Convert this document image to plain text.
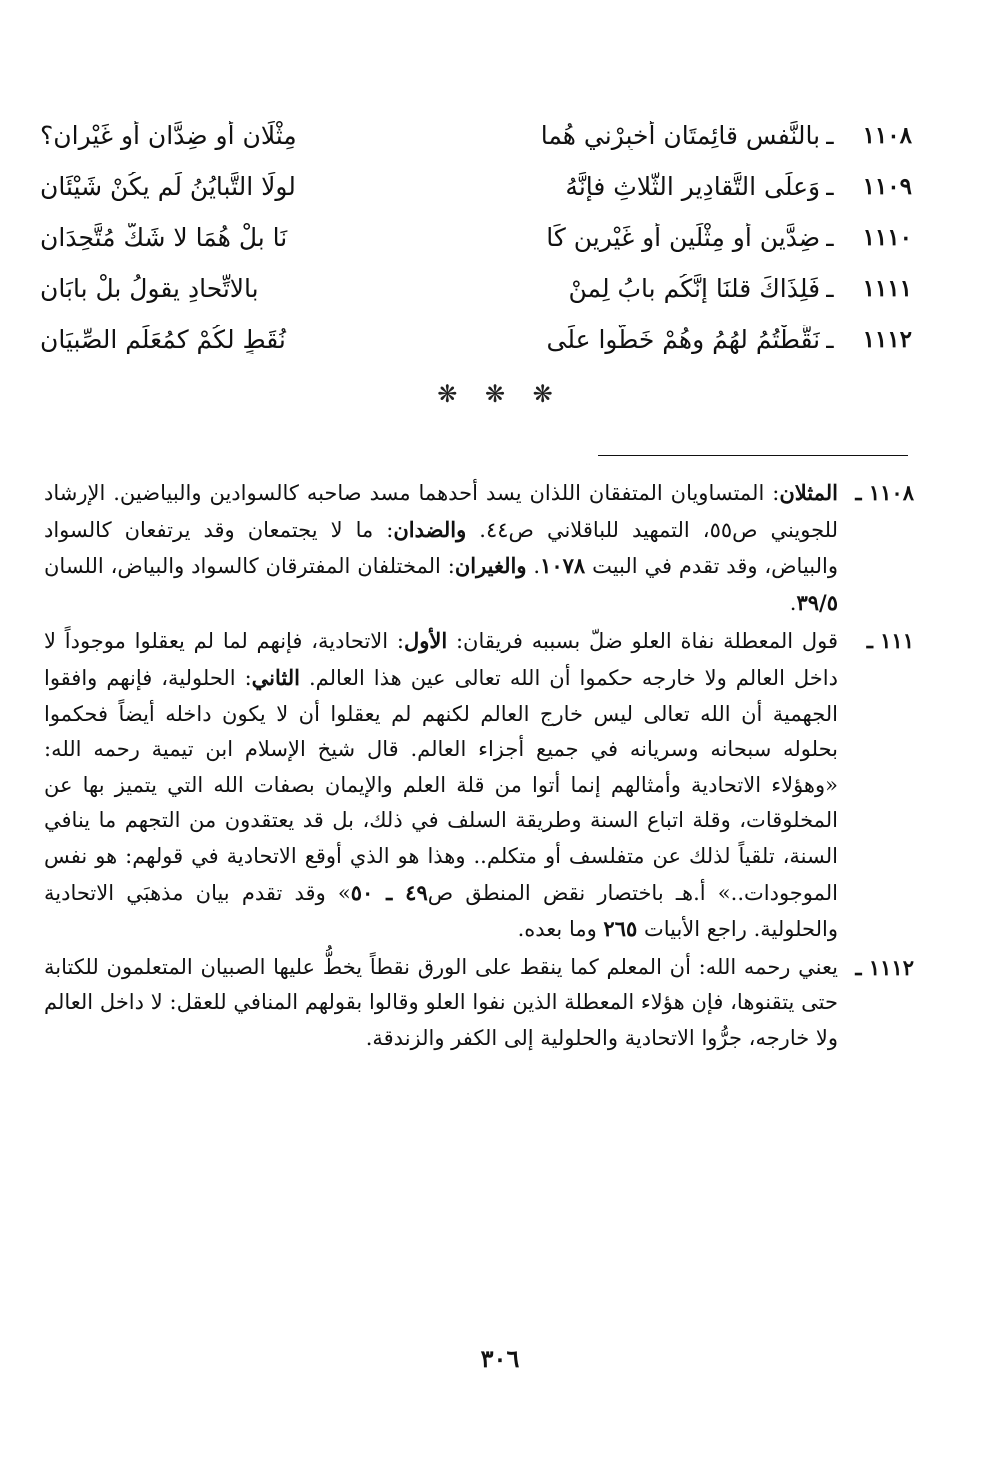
١١٠٨
ـ
بالنَّفسِ قائِمتَانِ أخبِرْني هُما
مِثْلَانِ أو ضِدَّانِ أو غَيْرانِ؟
١١٠٩
ـ
وَعلَى التَّقادِيرِ الثَّلاثِ فإنَّهُ
لولَا التَّبايُنُ لَم يكُنْ شَيْئَانِ
١١١٠
ـ
ضِدَّينِ أو مِثْلَينِ أو غَيْرينِ كَا
نَا بلْ هُمَا لا شَكَّ مُتَّحِدَانِ
١١١١
ـ
فَلِذَاكَ قلنَا إنَّكُم بابُ لِمنْ
بالاتِّحادِ يقولُ بلْ بابَانِ
١١١٢
ـ
نَقَّطْتُمُ لهُمُ وهُمْ خَطُّوا علَى
نُقَطٍ لكُمْ كمُعَلِّمِ الصِّبيَانِ
❋ ❋ ❋
١١٠٨ ـ
المثلان: المتساويان المتفقان اللذان يسد أحدهما مسد صاحبه كالسوادين والبياضين. الإرشاد للجويني ص٥٥، التمهيد للباقلاني ص٤٤. والضدان: ما لا يجتمعان وقد يرتفعان كالسواد والبياض، وقد تقدم في البيت ١٠٧٨. والغيران: المختلفان المفترقان كالسواد والبياض، اللسان ٣٩/٥.
١١١ ـ
قول المعطلة نفاة العلو ضلّ بسببه فريقان: الأول: الاتحادية، فإنهم لما لم يعقلوا موجوداً لا داخل العالم ولا خارجه حكموا أن الله تعالى عين هذا العالم. الثاني: الحلولية، فإنهم وافقوا الجهمية أن الله تعالى ليس خارج العالم لكنهم لم يعقلوا أن لا يكون داخله أيضاً فحكموا بحلوله سبحانه وسريانه في جميع أجزاء العالم. قال شيخ الإسلام ابن تيمية رحمه الله: «وهؤلاء الاتحادية وأمثالهم إنما أتوا من قلة العلم والإيمان بصفات الله التي يتميز بها عن المخلوقات، وقلة اتباع السنة وطريقة السلف في ذلك، بل قد يعتقدون من التجهم ما ينافي السنة، تلقياً لذلك عن متفلسف أو متكلم.. وهذا هو الذي أوقع الاتحادية في قولهم: هو نفس الموجودات..» أ.هـ باختصار نقض المنطق ص٤٩ ـ ٥٠» وقد تقدم بيان مذهبَي الاتحادية والحلولية. راجع الأبيات ٢٦٥ وما بعده.
١١١٢ ـ
يعني رحمه الله: أن المعلم كما ينقط على الورق نقطاً يخطُّ عليها الصبيان المتعلمون للكتابة حتى يتقنوها، فإن هؤلاء المعطلة الذين نفوا العلو وقالوا بقولهم المنافي للعقل: لا داخل العالم ولا خارجه، جرُّوا الاتحادية والحلولية إلى الكفر والزندقة.
٣٠٦
